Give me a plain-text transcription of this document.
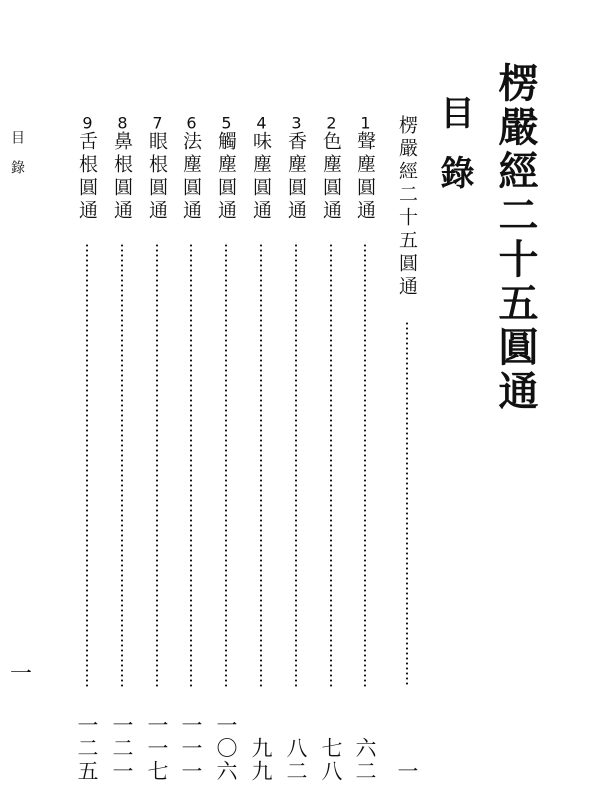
楞嚴經二十五圓通
目錄
楞嚴經二十五圓通
一
1聲塵圓通
六二
2色塵圓通
七八
3香塵圓通
八二
4味塵圓通
九九
5觸塵圓通
一〇六
6法塵圓通
一一一
7眼根圓通
一一七
8鼻根圓通
一二一
9舌根圓通
一二五
目錄
一
